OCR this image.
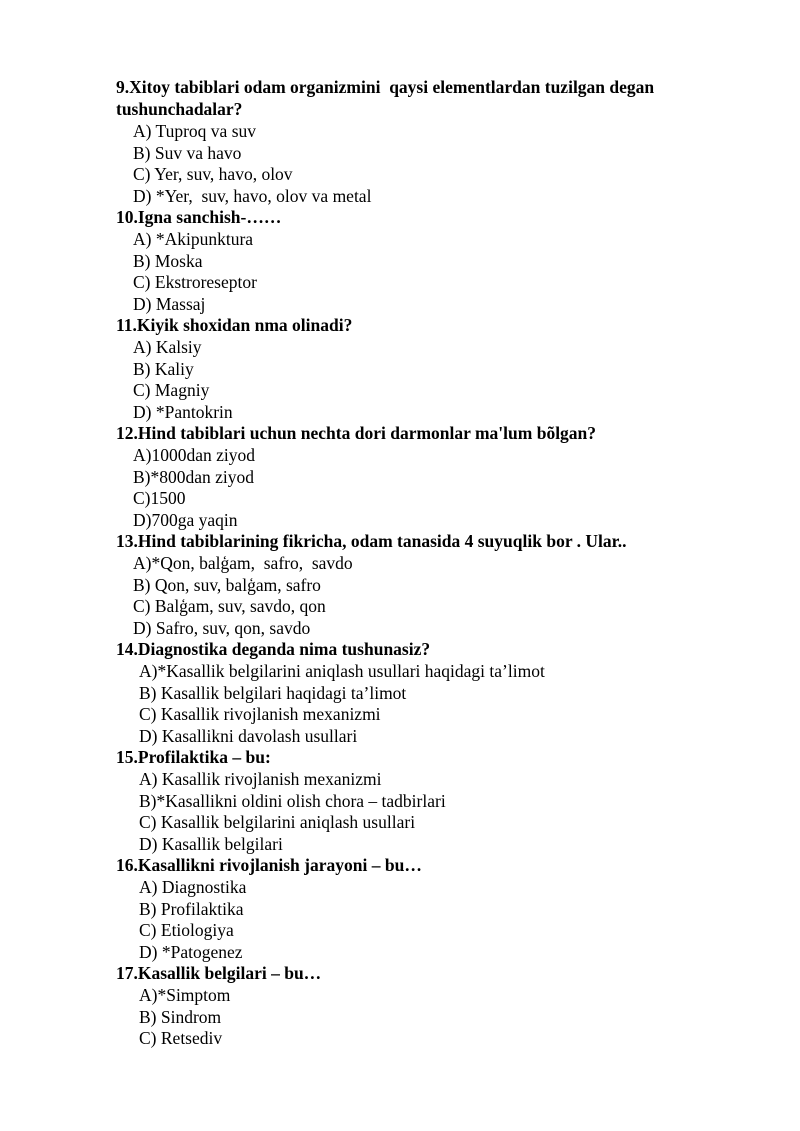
9.Xitoy tabiblari odam organizmini  qaysi elementlardan tuzilgan degan
tushunchadalar?
A) Tuproq va suv
B) Suv va havo
C) Yer, suv, havo, olov
D) *Yer,  suv, havo, olov va metal
10.Igna sanchish-……
A) *Akipunktura
B) Moska
C) Ekstroreseptor
D) Massaj
11.Kiyik shoxidan nma olinadi?
A) Kalsiy
B) Kaliy
C) Magniy
D) *Pantokrin
12.Hind tabiblari uchun nechta dori darmonlar ma'lum bõlgan?
A)1000dan ziyod
B)*800dan ziyod
C)1500
D)700ga yaqin
13.Hind tabiblarining fikricha, odam tanasida 4 suyuqlik bor . Ular..
A)*Qon, balģam,  safro,  savdo
B) Qon, suv, balģam, safro
C) Balģam, suv, savdo, qon
D) Safro, suv, qon, savdo
14.Diagnostika deganda nima tushunasiz?
A)*Kasallik belgilarini aniqlash usullari haqidagi ta’limot
B) Kasallik belgilari haqidagi ta’limot
C) Kasallik rivojlanish mexanizmi
D) Kasallikni davolash usullari
15.Profilaktika – bu:
A) Kasallik rivojlanish mexanizmi
B)*Kasallikni oldini olish chora – tadbirlari
C) Kasallik belgilarini aniqlash usullari
D) Kasallik belgilari
16.Kasallikni rivojlanish jarayoni – bu…
A) Diagnostika
B) Profilaktika
C) Etiologiya
D) *Patogenez
17.Kasallik belgilari – bu…
A)*Simptom
B) Sindrom
C) Retsediv
